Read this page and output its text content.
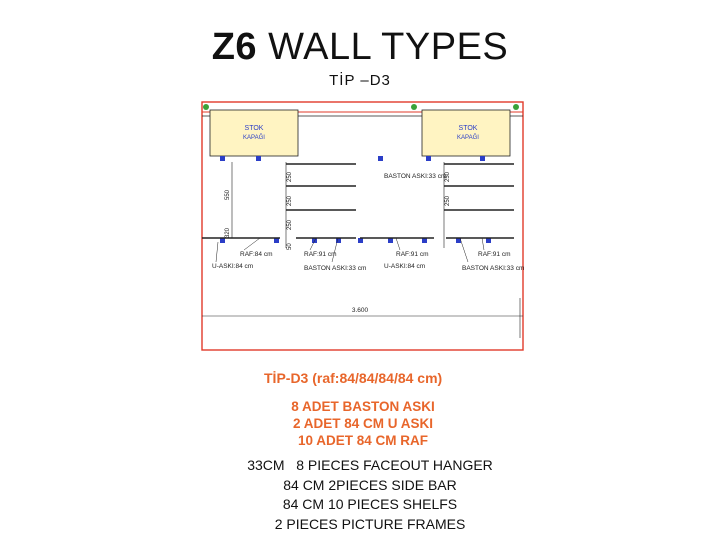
Z6 WALL TYPES
TİP –D3
STOK
KAPAĞI
STOK
KAPAĞI
550
250
250
250
250
250
320
50
BASTON ASKI:33 cm
RAF:84 cm	RAF:91 cm	RAF:91 cm	RAF:91 cm
U-ASKI:84 cm	BASTON ASKI:33 cm	U-ASKI:84 cm	BASTON ASKI:33 cm
3.600
TİP-D3 (raf:84/84/84/84 cm)
8 ADET BASTON ASKI
2 ADET 84 CM U ASKI
10 ADET 84 CM RAF
33CM   8 PIECES FACEOUT HANGER
84 CM 2PIECES SIDE BAR
84 CM 10 PIECES SHELFS
2 PIECES PICTURE FRAMES
